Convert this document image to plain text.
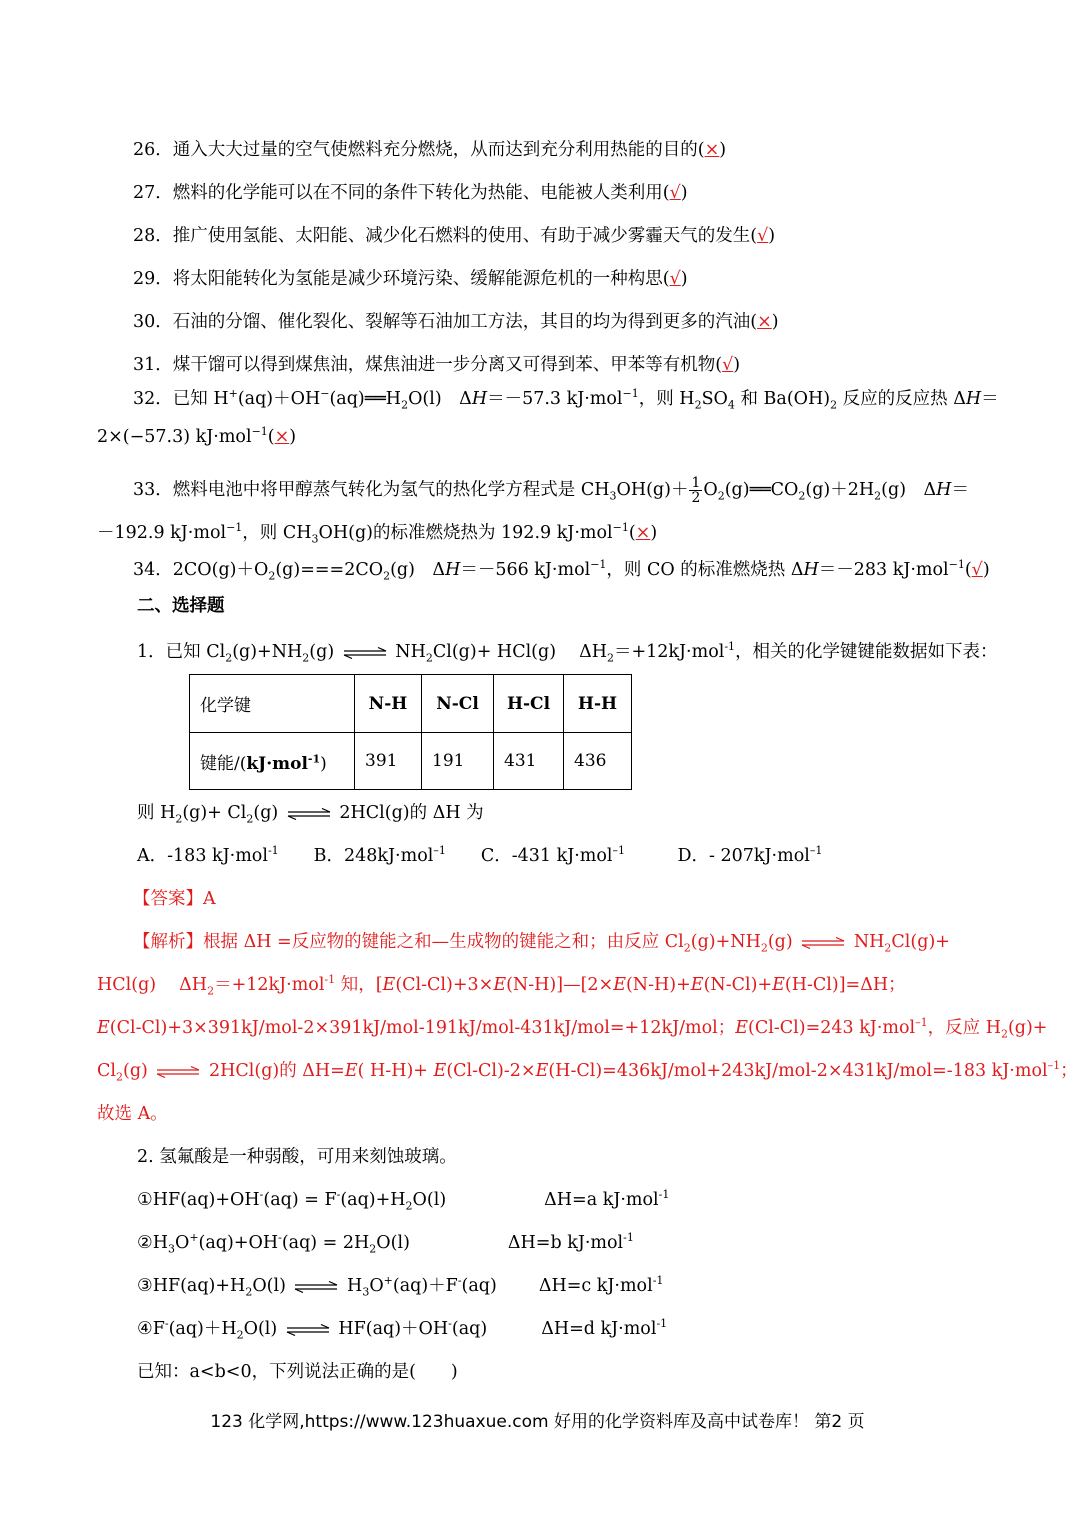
26．通入大大过量的空气使燃料充分燃烧，从而达到充分利用热能的目的(×)
27．燃料的化学能可以在不同的条件下转化为热能、电能被人类利用(√)
28．推广使用氢能、太阳能、减少化石燃料的使用、有助于减少雾霾天气的发生(√)
29．将太阳能转化为氢能是减少环境污染、缓解能源危机的一种构思(√)
30．石油的分馏、催化裂化、裂解等石油加工方法，其目的均为得到更多的汽油(×)
31．煤干馏可以得到煤焦油，煤焦油进一步分离又可得到苯、甲苯等有机物(√)
32．已知 $H^+(aq)+OH^-(aq)══H_2O(l)$　ΔH＝－57.3 kJ·mol$^{-1}$，则 $H_2SO_4$ 和 $Ba(OH)_2$ 反应的反应热 ΔH＝
2×(−57.3) kJ·mol$^{-1}$(×)
33．燃料电池中将甲醇蒸气转化为氢气的热化学方程式是 $CH_3OH(g)+ \frac{1}{2}$ $O_2(g)══CO_2(g)+2H_2(g)$　ΔH＝
－192.9 kJ·mol$^{-1}$，则 $CH_3OH(g)$的标准燃烧热为 192.9 kJ·mol$^{-1}$(×)
34．$2CO(g)+O_2(g)===2CO_2(g)$　ΔH＝－566 kJ·mol$^{-1}$，则 CO 的标准燃烧热 ΔH＝－283 kJ·mol$^{-1}$(√)
二、选择题
1．已知 $Cl_2(g)+NH_2(g)$	$NH_2Cl(g)+ HCl(g)$　 $\Delta H_2=+12kJ\cdot mol^{-1}$，相关的化学键键能数据如下表：
化学键	N-H	N-Cl	H-Cl	H-H
键能/(kJ·mol$^{-1}$)	391	191	431	436
则 $H_2(g)+ Cl_2(g)$	2HCl(g)的 ΔH 为
A．-183 kJ·mol$^{-1}$　　 B．248kJ·mol$^{-1}$　　 C．-431 kJ·mol$^{-1}$　　　	D．- 207kJ·mol$^{-1}$
【答案】A
【解析】根据 ΔH =反应物的键能之和—生成物的键能之和；由反应 $Cl_2(g)+NH_2(g)$	$NH_2Cl(g)+$
HCl(g)　 $\Delta H_2=+12kJ\cdot mol^{-1}$ 知，[E(Cl-Cl)+3×E(N-H)]—[2×E(N-H)+E(N-Cl)+E(H-Cl)]=ΔH；
E(Cl-Cl)+3×391kJ/mol-2×391kJ/mol-191kJ/mol-431kJ/mol=+12kJ/mol；E(Cl-Cl)=243 kJ·mol$^{-1}$，反应 $H_2(g)+$
$Cl_2(g)$	2HCl(g)的 ΔH=E( H-H)+ E(Cl-Cl)-2×E(H-Cl)=436kJ/mol+243kJ/mol-2×431kJ/mol=-183 kJ·mol$^{-1}$；
故选 A。
2. 氢氟酸是一种弱酸，可用来刻蚀玻璃。
①HF(aq)+OH-(aq) = $F^-(aq)+H_2O(l)$	ΔH=a kJ·mol$^{-1}$
$②H_3O^+(aq)+OH^-(aq) = 2H_2O(l)$	ΔH=b kJ·mol$^{-1}$
$③HF(aq)+H_2O(l)$	$H_3O^+(aq)+F^-(aq)$ ΔH=c kJ·mol$^{-1}$
$④F^-(aq)+H_2O(l)$	HF(aq)＋OH-(aq)	ΔH=d kJ·mol$^{-1}$
已知：a<b<0，下列说法正确的是(　　)
123 化学网,https://www.123huaxue.com 好用的化学资料库及高中试卷库！ 第2 页
